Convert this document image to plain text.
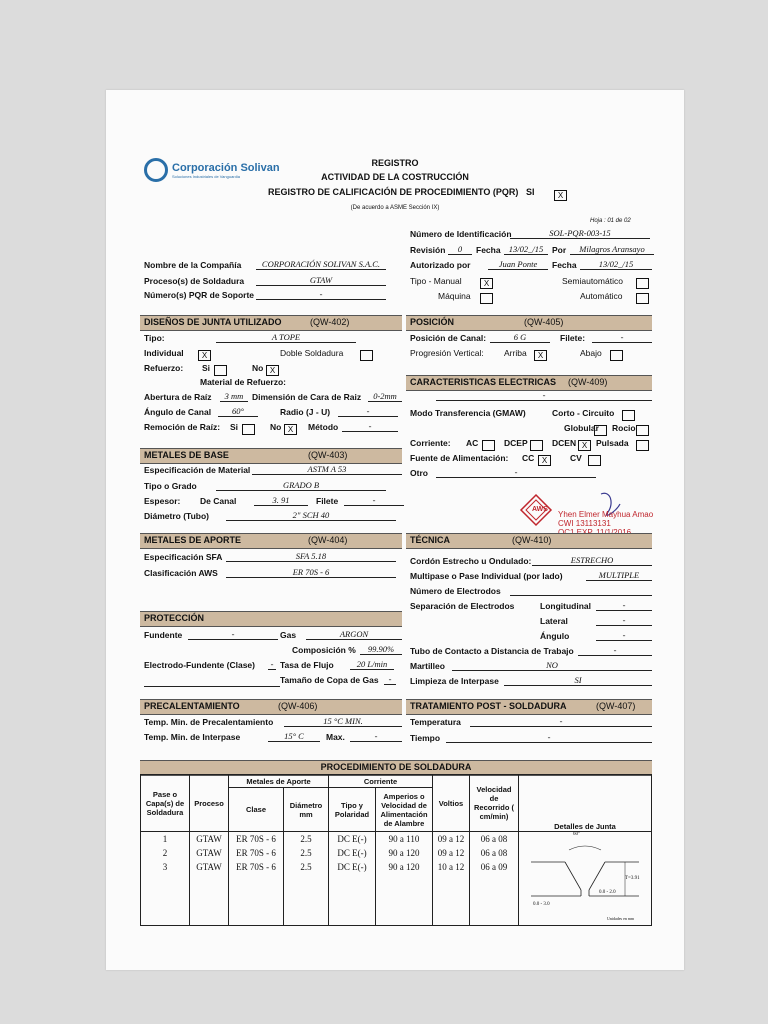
Corporación Solivan
Soluciones Industriales de Vanguardia
REGISTRO
ACTIVIDAD DE LA COSTRUCCIÓN
REGISTRO DE CALIFICACIÓN DE PROCEDIMIENTO (PQR) SI	X
(De acuerdo a ASME Sección IX)
Hoja : 01 de 02
Número de Identificación	SOL-PQR-003-15
Revisión	0	Fecha 13/02_/15	Por	Milagros Aransayo
Nombre de la Compañía	CORPORACIÓN SOLIVAN S.A.C.	Autorizado por	Juan Ponte	Fecha	13/02_/15
Proceso(s) de Soldadura	GTAW	Tipo - Manual	X	Semiautomático
Número(s) PQR de Soporte	-	Máquina	Automático
DISEÑOS DE JUNTA UTILIZADO	(QW-402)
Tipo:	A TOPE
Individual	X	Doble Soldadura
Refuerzo: Si	No X
Material de Refuerzo:
Abertura de Raíz	3 mm	Dimensión de Cara de Raiz	0-2mm
Ángulo de Canal	60°	Radio (J - U)	-
Remoción de Raíz: Si	No X	Método	-
POSICIÓN	(QW-405)
Posición de Canal:	6 G	Filete:	-
Progresión Vertical: Arriba	X	Abajo
CARACTERISTICAS ELECTRICAS (QW-409)
-
Modo Transferencia (GMAW)	Corto - Circuito
Globular Rocio
Corriente: AC	DCEP	DCEN X	Pulsada
Fuente de Alimentación: CC X	CV
Otro	-
METALES DE BASE	(QW-403)
Especificación de Material	ASTM A 53
Tipo o Grado	GRADO B
Espesor: De Canal	3. 91	Filete	-
Diámetro (Tubo)	2" SCH 40
AWS
Yhen Elmer Mayhua Amao
CWI 13113131
METALES DE APORTE	(QW-404)
Especificación SFA	SFA 5.18
Clasificación AWS	ER 70S - 6
TÉCNICA	(QW-410)
Cordón Estrecho u Ondulado:	ESTRECHO
Multipase o Pase Individual (por lado)	MULTIPLE
Número de Electrodos
Separación de Electrodos	Longitudinal	-
Lateral	-
Ángulo	-
Tubo de Contacto a Distancia de Trabajo	-
Martilleo	NO
Limpieza de Interpase	SI
PROTECCIÓN
Fundente	-	Gas	ARGON
Composición %	99.90%
Electrodo-Fundente (Clase)	- Tasa de Flujo	20 L/min
Tamaño de Copa de Gas	-
PRECALENTAMIENTO	(QW-406)
Temp. Min. de Precalentamiento	15 °C MIN.
Temp. Min. de Interpase	15° C	Max.	-
TRATAMIENTO POST - SOLDADURA	(QW-407)
Temperatura	-
Tiempo	-
PROCEDIMIENTO DE SOLDADURA
Pase o Capa(s) de Soldadura	Proceso	Metales de Aporte		Corriente		Voltios	Velocidad de Recorrido ( cm/min)	Detalles de Junta
		Clase	Diámetro mm	Tipo y Polaridad	Amperios o Velocidad de Alimentación de Alambre			
1	GTAW	ER 70S - 6	2.5	DC E(-)	90 a 110	09 a 12	06 a 08	60°
T=3.91
0.0 - 3.0
0.0 - 2.0
Unidades en mm

2	GTAW	ER 70S - 6	2.5	DC E(-)	90 a 120	09 a 12	06 a 08	
3	GTAW	ER 70S - 6	2.5	DC E(-)	90 a 120	10 a 12	06 a 09	
